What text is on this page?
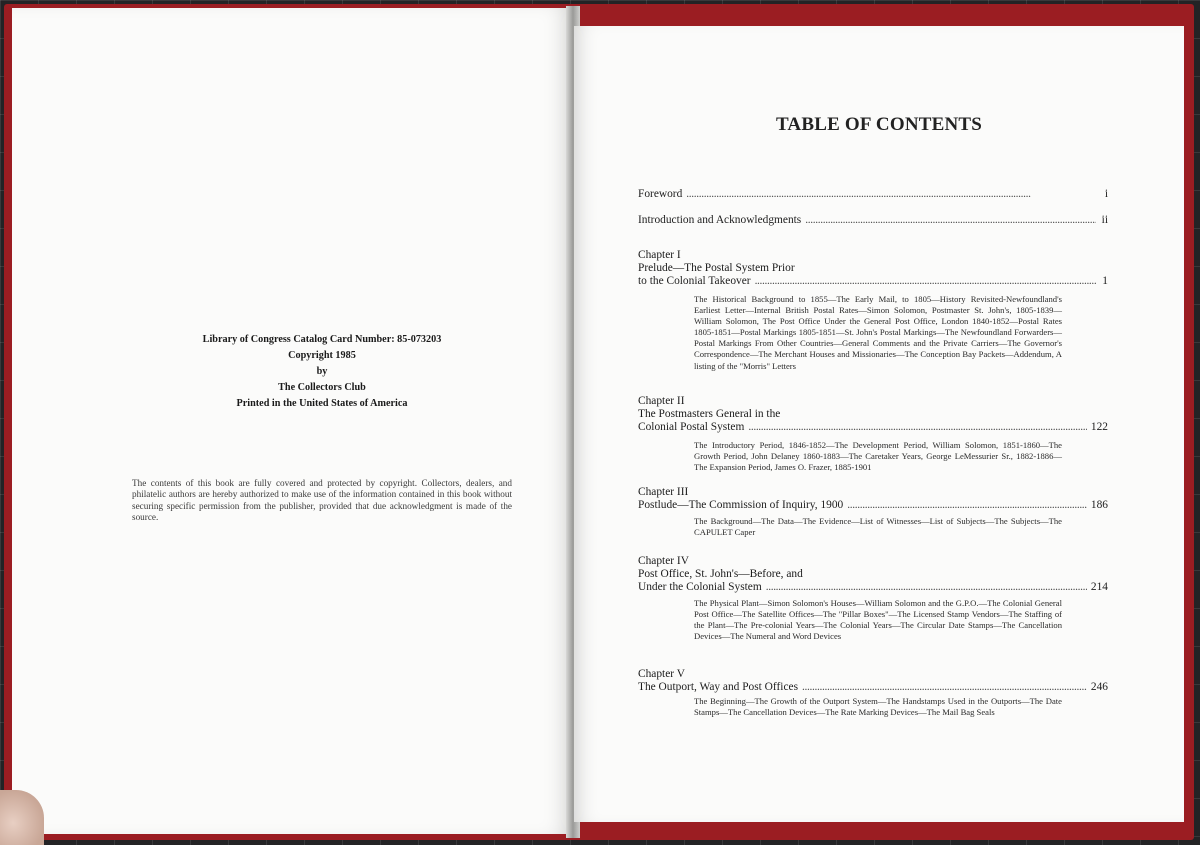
Library of Congress Catalog Card Number: 85-073203
Copyright 1985
by
The Collectors Club
Printed in the United States of America
The contents of this book are fully covered and protected by copyright. Collectors, dealers, and philatelic authors are hereby authorized to make use of the information contained in this book without securing specific permission from the publisher, provided that due acknowledgment is made of the source.
TABLE OF CONTENTS
Foreword . . .	i
Introduction and Acknowledgments . . .	ii
Chapter I
Prelude—The Postal System Prior
to the Colonial Takeover . . .	1
The Historical Background to 1855—The Early Mail, to 1805—History Revisited-Newfoundland's Earliest Letter—Internal British Postal Rates—Simon Solomon, Postmaster St. John's, 1805-1839—William Solomon, The Post Office Under the General Post Office, London 1840-1852—Postal Rates 1805-1851—Postal Markings 1805-1851—St. John's Postal Markings—The Newfoundland Forwarders—Postal Markings From Other Countries—General Comments and the Private Carriers—The Governor's Correspondence—The Merchant Houses and Missionaries—The Conception Bay Packets—Addendum, A listing of the "Morris" Letters
Chapter II
The Postmasters General in the
Colonial Postal System . . .	122
The Introductory Period, 1846-1852—The Development Period, William Solomon, 1851-1860—The Growth Period, John Delaney 1860-1883—The Caretaker Years, George LeMessurier Sr., 1882-1886—The Expansion Period, James O. Frazer, 1885-1901
Chapter III
Postlude—The Commission of Inquiry, 1900 . . .	186
The Background—The Data—The Evidence—List of Witnesses—List of Subjects—The Subjects—The CAPULET Caper
Chapter IV
Post Office, St. John's—Before, and
Under the Colonial System . . .	214
The Physical Plant—Simon Solomon's Houses—William Solomon and the G.P.O.—The Colonial General Post Office—The Satellite Offices—The "Pillar Boxes"—The Licensed Stamp Vendors—The Staffing of the Plant—The Pre-colonial Years—The Colonial Years—The Circular Date Stamps—The Cancellation Devices—The Numeral and Word Devices
Chapter V
The Outport, Way and Post Offices . . .	246
The Beginning—The Growth of the Outport System—The Handstamps Used in the Outports—The Date Stamps—The Cancellation Devices—The Rate Marking Devices—The Mail Bag Seals
